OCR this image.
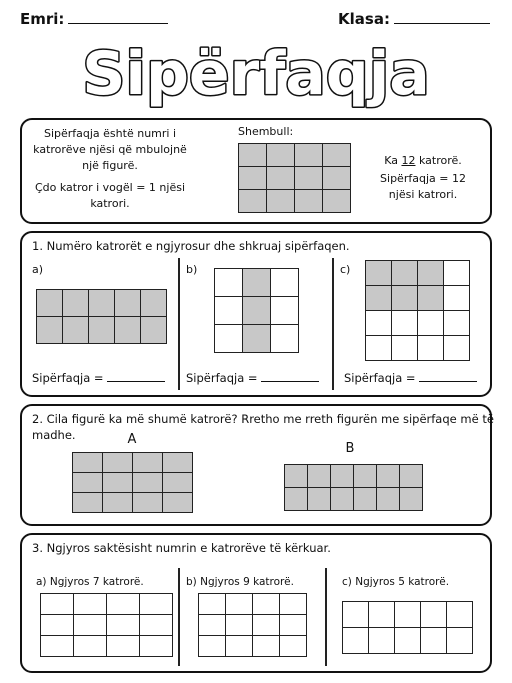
Emri:	Klasa:
Sipërfaqja
Sipërfaqja është numri i katrorëve njësi që mbulojnë një figurë.
Çdo katror i vogël = 1 njësi katrori.
Shembull:
Ka 12 katrorë.
Sipërfaqja = 12 njësi katrori.
1. Numëro katrorët e ngjyrosur dhe shkruaj sipërfaqen.
a)
Sipërfaqja =
b)
Sipërfaqja =
c)
Sipërfaqja =
2. Cila figurë ka më shumë katrorë? Rretho me rreth figurën me sipërfaqe më të madhe.	A
B
3. Ngjyros saktësisht numrin e katrorëve të kërkuar.
a) Ngjyros 7 katrorë.	b) Ngjyros 9 katrorë.	c) Ngjyros 5 katrorë.
